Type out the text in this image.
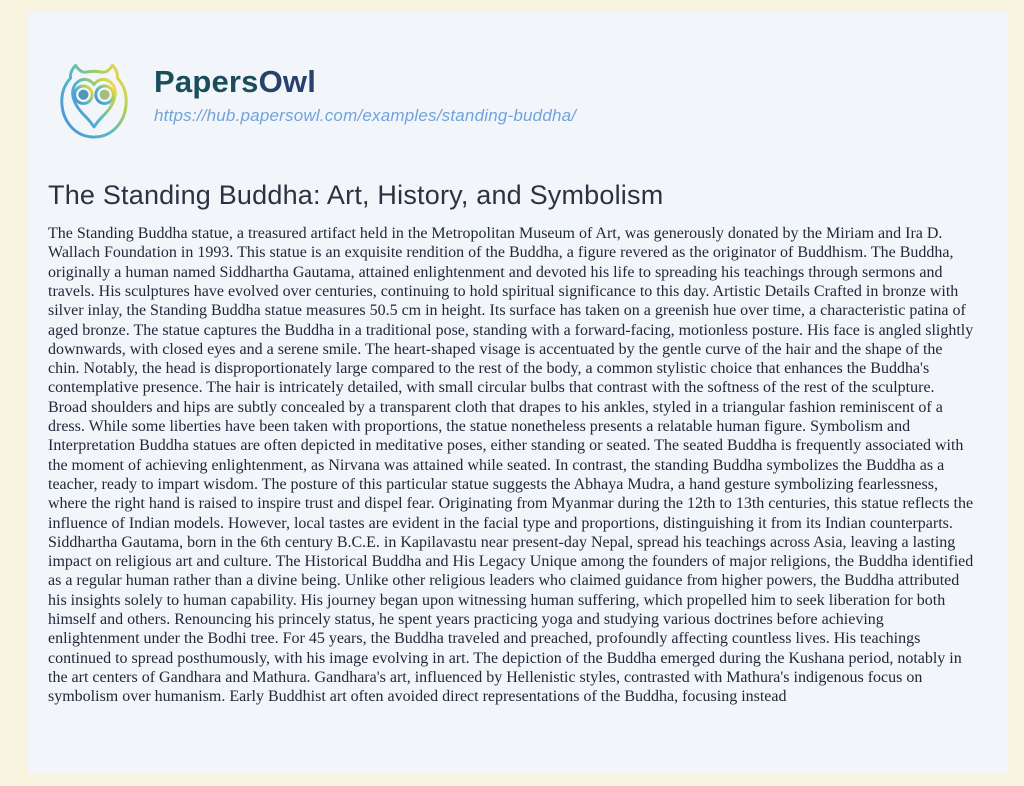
PapersOwl
https://hub.papersowl.com/examples/standing-buddha/
The Standing Buddha: Art, History, and Symbolism

The Standing Buddha statue, a treasured artifact held in the Metropolitan Museum of Art, was generously donated by the Miriam and Ira D. Wallach Foundation in 1993. This statue is an exquisite rendition of the Buddha, a figure revered as the originator of Buddhism. The Buddha, originally a human named Siddhartha Gautama, attained enlightenment and devoted his life to spreading his teachings through sermons and travels. His sculptures have evolved over centuries, continuing to hold spiritual significance to this day. Artistic Details Crafted in bronze with silver inlay, the Standing Buddha statue measures 50.5 cm in height. Its surface has taken on a greenish hue over time, a characteristic patina of aged bronze. The statue captures the Buddha in a traditional pose, standing with a forward-facing, motionless posture. His face is angled slightly downwards, with closed eyes and a serene smile. The heart-shaped visage is accentuated by the gentle curve of the hair and the shape of the chin. Notably, the head is disproportionately large compared to the rest of the body, a common stylistic choice that enhances the Buddha's contemplative presence. The hair is intricately detailed, with small circular bulbs that contrast with the softness of the rest of the sculpture. Broad shoulders and hips are subtly concealed by a transparent cloth that drapes to his ankles, styled in a triangular fashion reminiscent of a dress. While some liberties have been taken with proportions, the statue nonetheless presents a relatable human figure. Symbolism and Interpretation Buddha statues are often depicted in meditative poses, either standing or seated. The seated Buddha is frequently associated with the moment of achieving enlightenment, as Nirvana was attained while seated. In contrast, the standing Buddha symbolizes the Buddha as a teacher, ready to impart wisdom. The posture of this particular statue suggests the Abhaya Mudra, a hand gesture symbolizing fearlessness, where the right hand is raised to inspire trust and dispel fear. Originating from Myanmar during the 12th to 13th centuries, this statue reflects the influence of Indian models. However, local tastes are evident in the facial type and proportions, distinguishing it from its Indian counterparts. Siddhartha Gautama, born in the 6th century B.C.E. in Kapilavastu near present-day Nepal, spread his teachings across Asia, leaving a lasting impact on religious art and culture. The Historical Buddha and His Legacy Unique among the founders of major religions, the Buddha identified as a regular human rather than a divine being. Unlike other religious leaders who claimed guidance from higher powers, the Buddha attributed his insights solely to human capability. His journey began upon witnessing human suffering, which propelled him to seek liberation for both himself and others. Renouncing his princely status, he spent years practicing yoga and studying various doctrines before achieving enlightenment under the Bodhi tree. For 45 years, the Buddha traveled and preached, profoundly affecting countless lives. His teachings continued to spread posthumously, with his image evolving in art. The depiction of the Buddha emerged during the Kushana period, notably in the art centers of Gandhara and Mathura. Gandhara's art, influenced by Hellenistic styles, contrasted with Mathura's indigenous focus on symbolism over humanism. Early Buddhist art often avoided direct representations of the Buddha, focusing instead
